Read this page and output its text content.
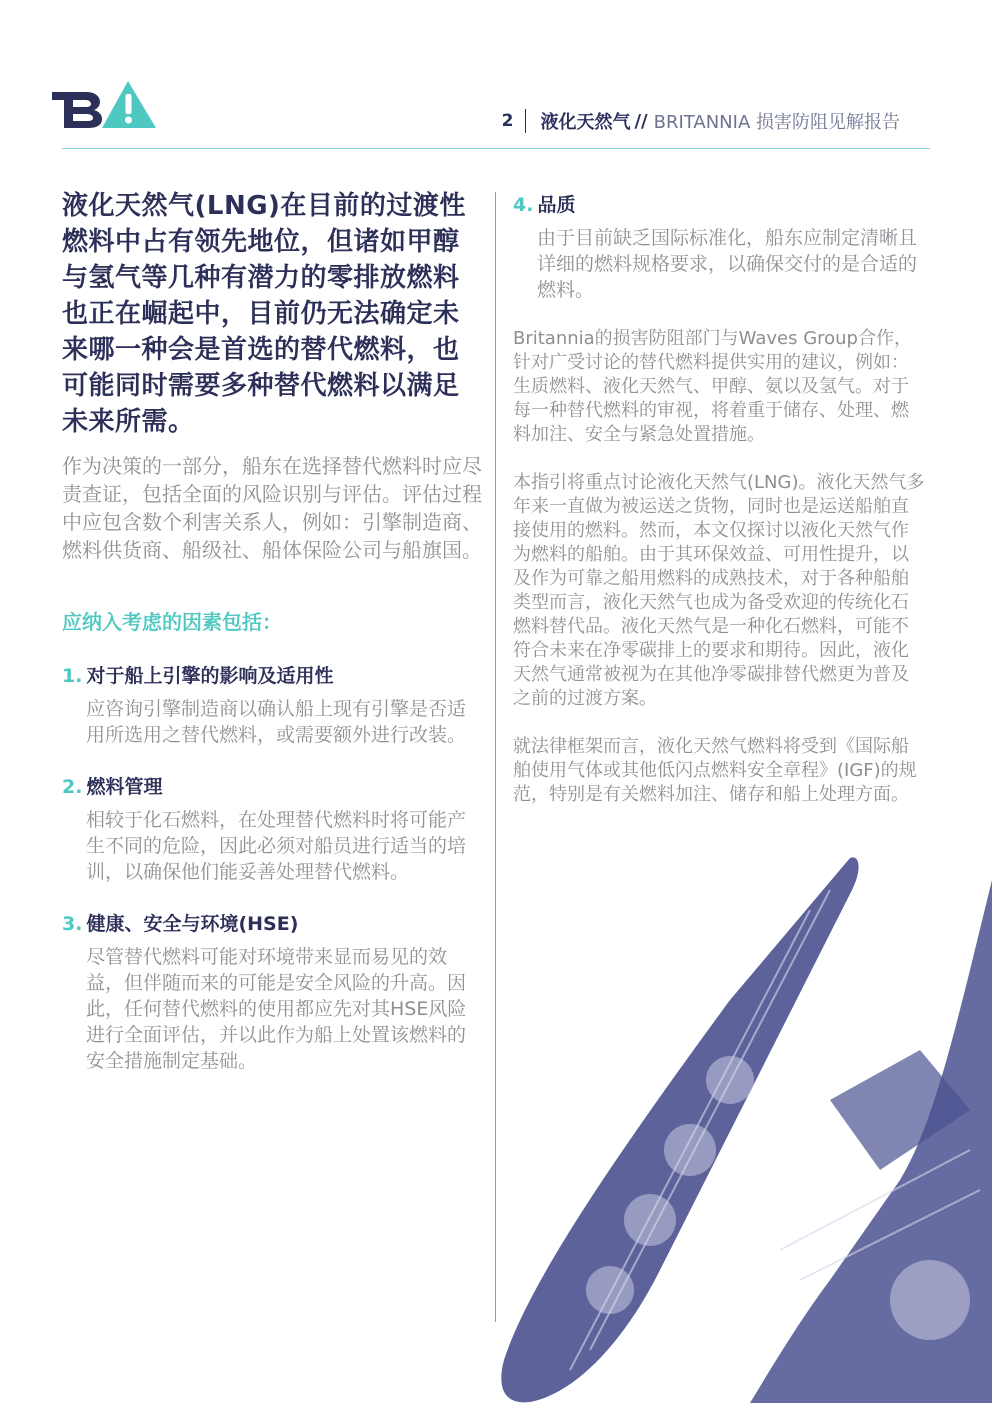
2 液化天然气 // BRITANNIA 损害防阻见解报告

液化天然气(LNG)在目前的过渡性燃料中占有领先地位，但诸如甲醇与氢气等几种有潜力的零排放燃料也正在崛起中，目前仍无法确定未来哪一种会是首选的替代燃料，也可能同时需要多种替代燃料以满足未来所需。

作为决策的一部分，船东在选择替代燃料时应尽责查证，包括全面的风险识别与评估。评估过程中应包含数个利害关系人，例如：引擎制造商、燃料供货商、船级社、船体保险公司与船旗国。

应纳入考虑的因素包括：
1. 对于船上引擎的影响及适用性

应咨询引擎制造商以确认船上现有引擎是否适用所选用之替代燃料，或需要额外进行改装。

2. 燃料管理

相较于化石燃料，在处理替代燃料时将可能产生不同的危险，因此必须对船员进行适当的培训，以确保他们能妥善处理替代燃料。

3. 健康、安全与环境(HSE)

尽管替代燃料可能对环境带来显而易见的效益，但伴随而来的可能是安全风险的升高。因此，任何替代燃料的使用都应先对其HSE风险进行全面评估，并以此作为船上处置该燃料的安全措施制定基础。

4. 品质

由于目前缺乏国际标准化，船东应制定清晰且详细的燃料规格要求，以确保交付的是合适的燃料。

Britannia的损害防阻部门与Waves Group合作，针对广受讨论的替代燃料提供实用的建议，例如：生质燃料、液化天然气、甲醇、氨以及氢气。对于每一种替代燃料的审视，将着重于储存、处理、燃料加注、安全与紧急处置措施。

本指引将重点讨论液化天然气(LNG)。液化天然气多年来一直做为被运送之货物，同时也是运送船舶直接使用的燃料。然而，本文仅探讨以液化天然气作为燃料的船舶。由于其环保效益、可用性提升，以及作为可靠之船用燃料的成熟技术，对于各种船舶类型而言，液化天然气也成为备受欢迎的传统化石燃料替代品。液化天然气是一种化石燃料，可能不符合未来在净零碳排上的要求和期待。因此，液化天然气通常被视为在其他净零碳排替代燃更为普及之前的过渡方案。

就法律框架而言，液化天然气燃料将受到《国际船舶使用气体或其他低闪点燃料安全章程》(IGF)的规范，特别是有关燃料加注、储存和船上处理方面。
